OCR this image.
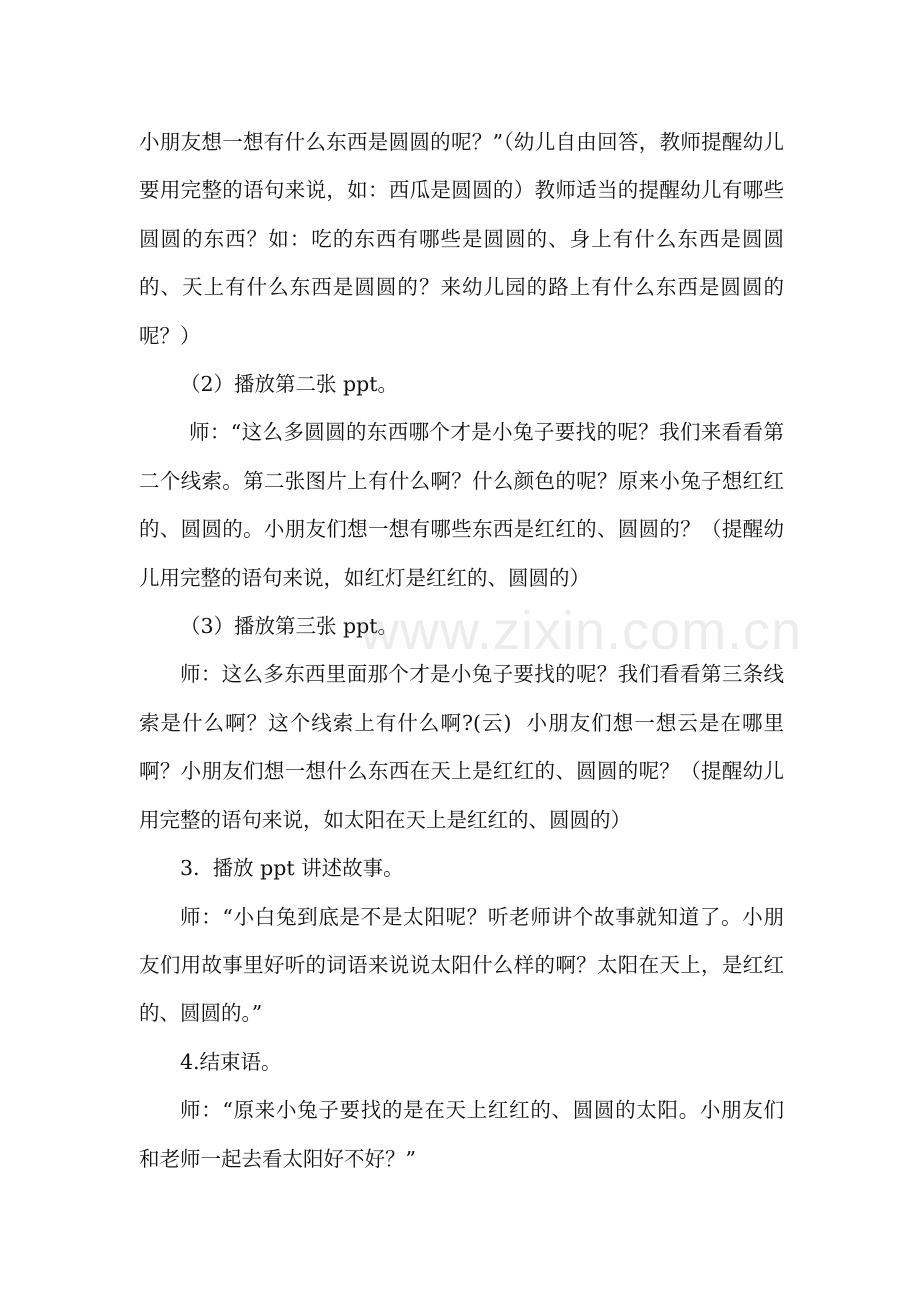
小朋友想一想有什么东西是圆圆的呢？”（幼儿自由回答，教师提醒幼儿要用完整的语句来说，如：西瓜是圆圆的）教师适当的提醒幼儿有哪些圆圆的东西？如：吃的东西有哪些是圆圆的、身上有什么东西是圆圆的、天上有什么东西是圆圆的？来幼儿园的路上有什么东西是圆圆的呢？）

（2）播放第二张 ppt。

师：“这么多圆圆的东西哪个才是小兔子要找的呢？我们来看看第二个线索。第二张图片上有什么啊？什么颜色的呢？原来小兔子想红红的、圆圆的。小朋友们想一想有哪些东西是红红的、圆圆的？（提醒幼儿用完整的语句来说，如红灯是红红的、圆圆的）

（3）播放第三张 ppt。

师：这么多东西里面那个才是小兔子要找的呢？我们看看第三条线索是什么啊？这个线索上有什么啊?(云)  小朋友们想一想云是在哪里啊？小朋友们想一想什么东西在天上是红红的、圆圆的呢？（提醒幼儿用完整的语句来说，如太阳在天上是红红的、圆圆的）

3.  播放 ppt 讲述故事。

师：“小白兔到底是不是太阳呢？听老师讲个故事就知道了。小朋友们用故事里好听的词语来说说太阳什么样的啊？太阳在天上，是红红的、圆圆的。”

4.结束语。

师：“原来小兔子要找的是在天上红红的、圆圆的太阳。小朋友们和老师一起去看太阳好不好？”

www.zixin.com.cn
